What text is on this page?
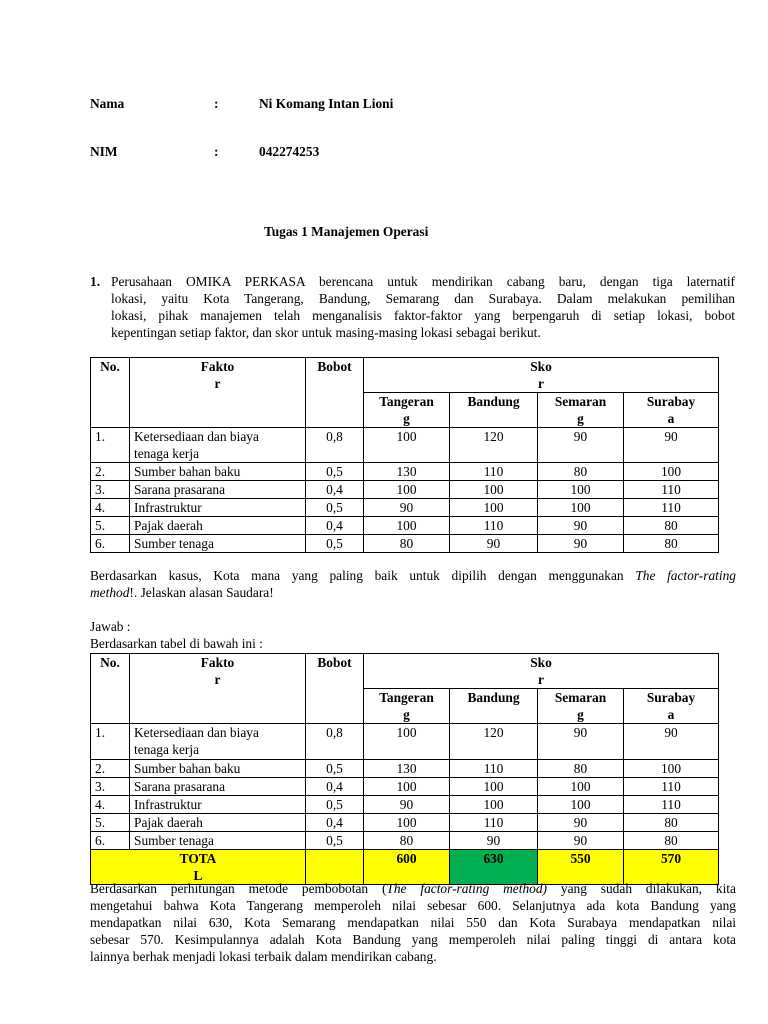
Nama	:	Ni Komang Intan Lioni
NIM	:	042274253
Tugas 1 Manajemen Operasi
1. Perusahaan OMIKA PERKASA berencana untuk mendirikan cabang baru, dengan tiga laternatif
lokasi, yaitu Kota Tangerang, Bandung, Semarang dan Surabaya. Dalam melakukan pemilihan
lokasi, pihak manajemen telah menganalisis faktor-faktor yang berpengaruh di setiap lokasi, bobot
kepentingan setiap faktor, dan skor untuk masing-masing lokasi sebagai berikut.
No.	Fakto
r	Bobot	Sko
r			

			Tangeran
g	Bandung	Semaran
g	Surabay
a

1.	Ketersediaan dan biaya
tenaga kerja	0,8	100	120	90	90
2.	Sumber bahan baku	0,5	130	110	80	100
3.	Sarana prasarana	0,4	100	100	100	110
4.	Infrastruktur	0,5	90	100	100	110
5.	Pajak daerah	0,4	100	110	90	80
6.	Sumber tenaga	0,5	80	90	90	80
Berdasarkan kasus, Kota mana yang paling baik untuk dipilih dengan menggunakan The factor-rating
method!. Jelaskan alasan Saudara!
Jawab :
Berdasarkan tabel di bawah ini :
No.	Fakto
r	Bobot	Sko
r			

			Tangeran
g	Bandung	Semaran
g	Surabay
a

1.	Ketersediaan dan biaya
tenaga kerja	0,8	100	120	90	90
2.	Sumber bahan baku	0,5	130	110	80	100
3.	Sarana prasarana	0,4	100	100	100	110
4.	Infrastruktur	0,5	90	100	100	110
5.	Pajak daerah	0,4	100	110	90	80
6.	Sumber tenaga	0,5	80	90	90	80

TOTA
L			600	630	550	570
Berdasarkan perhitungan metode pembobotan (The factor-rating method) yang sudah dilakukan, kita
mengetahui bahwa Kota Tangerang memperoleh nilai sebesar 600. Selanjutnya ada kota Bandung yang
mendapatkan nilai 630, Kota Semarang mendapatkan nilai 550 dan Kota Surabaya mendapatkan nilai
sebesar 570. Kesimpulannya adalah Kota Bandung yang memperoleh nilai paling tinggi di antara kota
lainnya berhak menjadi lokasi terbaik dalam mendirikan cabang.
